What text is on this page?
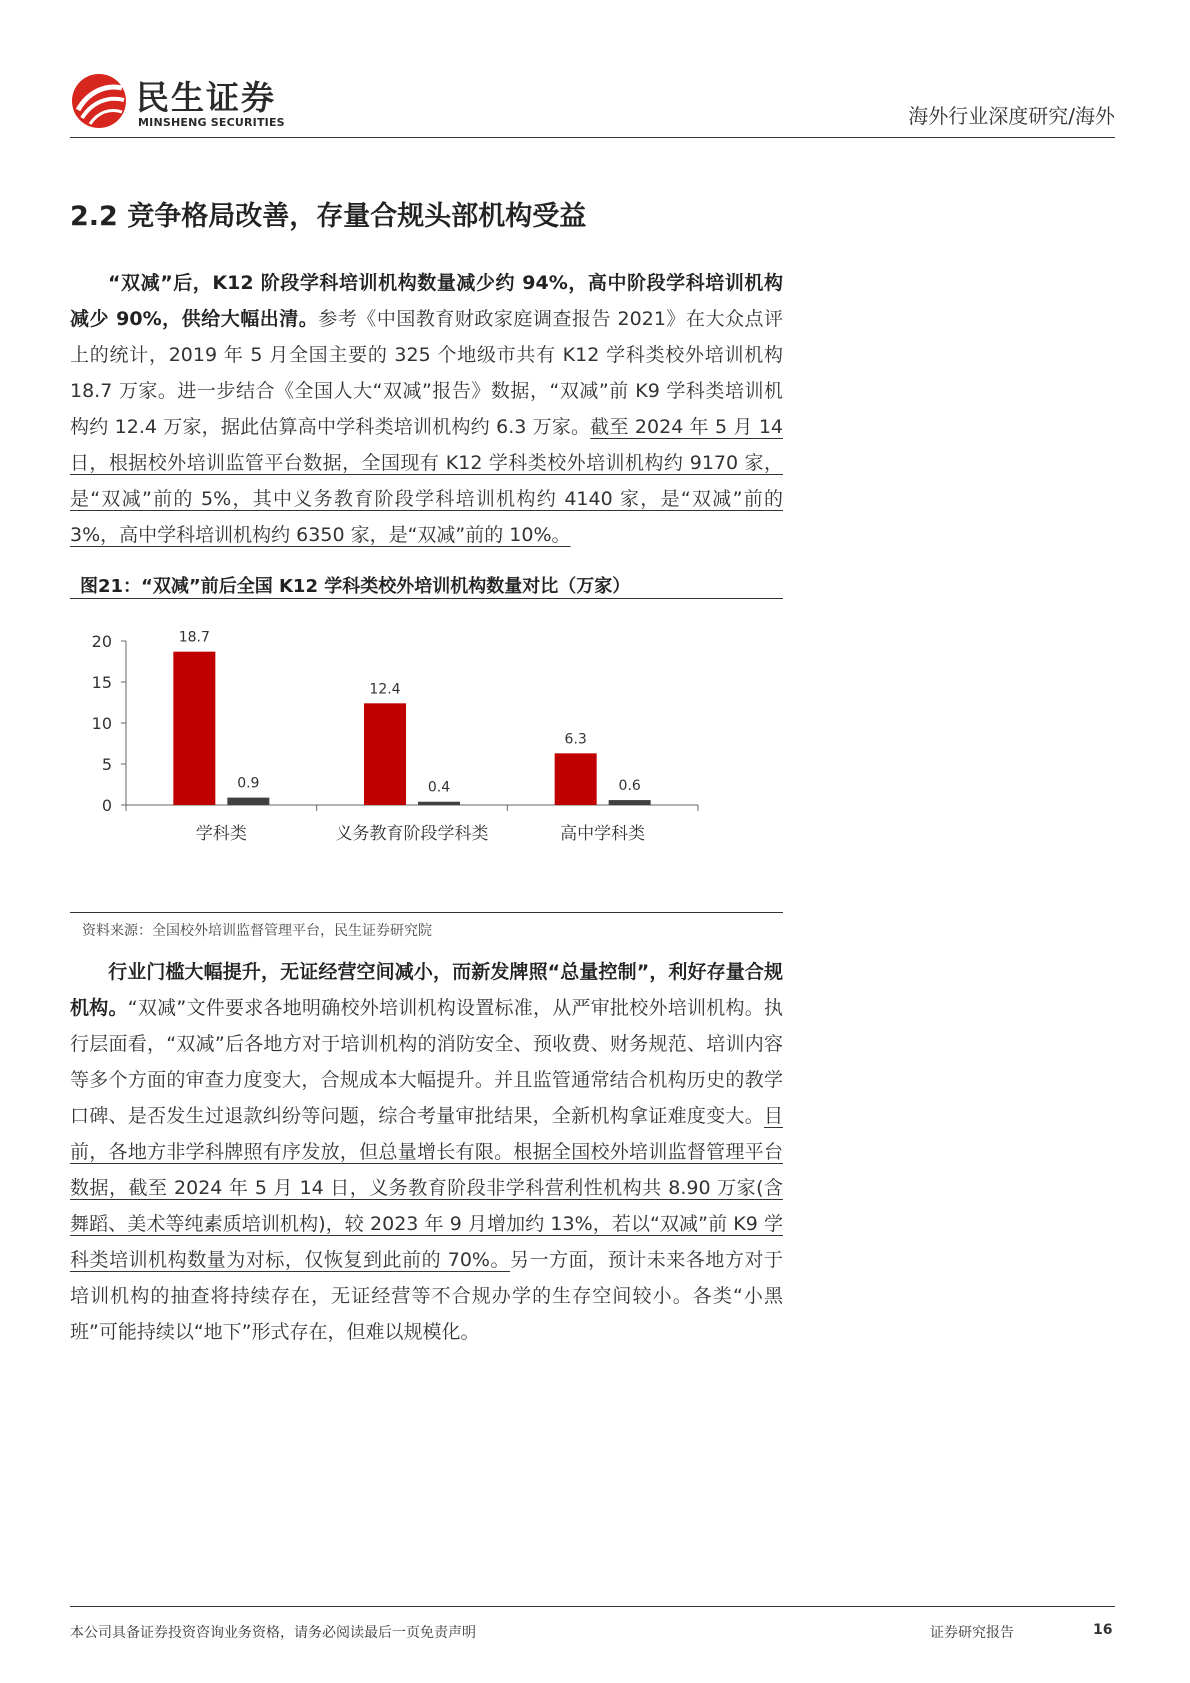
民生证券
MINSHENG SECURITIES	海外行业深度研究/海外
2.2 竞争格局改善，存量合规头部机构受益
“双减”后，K12 阶段学科培训机构数量减少约 94%，高中阶段学科培训机构减少 90%，供给大幅出清。参考《中国教育财政家庭调查报告 2021》在大众点评上的统计，2019 年 5 月全国主要的 325 个地级市共有 K12 学科类校外培训机构 18.7 万家。进一步结合《全国人大“双减”报告》数据，“双减”前 K9 学科类培训机构约 12.4 万家，据此估算高中学科类培训机构约 6.3 万家。截至 2024 年 5 月 14 日，根据校外培训监管平台数据，全国现有 K12 学科类校外培训机构约 9170 家，是“双减”前的 5%，其中义务教育阶段学科培训机构约 4140 家，是“双减”前的 3%，高中学科培训机构约 6350 家，是“双减”前的 10%。
图21：“双减”前后全国 K12 学科类校外培训机构数量对比（万家）
0
5
10
15
20
学科类	义务教育阶段学科类	高中学科类
18.7
0.9
12.4
0.4
6.3
0.6
资料来源：全国校外培训监督管理平台，民生证券研究院
行业门槛大幅提升，无证经营空间减小，而新发牌照“总量控制”，利好存量合规机构。“双减”文件要求各地明确校外培训机构设置标准，从严审批校外培训机构。执行层面看，“双减”后各地方对于培训机构的消防安全、预收费、财务规范、培训内容等多个方面的审查力度变大，合规成本大幅提升。并且监管通常结合机构历史的教学口碑、是否发生过退款纠纷等问题，综合考量审批结果，全新机构拿证难度变大。目前，各地方非学科牌照有序发放，但总量增长有限。根据全国校外培训监督管理平台数据，截至 2024 年 5 月 14 日，义务教育阶段非学科营利性机构共 8.90 万家(含舞蹈、美术等纯素质培训机构)，较 2023 年 9 月增加约 13%，若以“双减”前 K9 学科类培训机构数量为对标，仅恢复到此前的 70%。另一方面，预计未来各地方对于培训机构的抽查将持续存在，无证经营等不合规办学的生存空间较小。各类“小黑班”可能持续以“地下”形式存在，但难以规模化。
本公司具备证券投资咨询业务资格，请务必阅读最后一页免责声明	证券研究报告	16
